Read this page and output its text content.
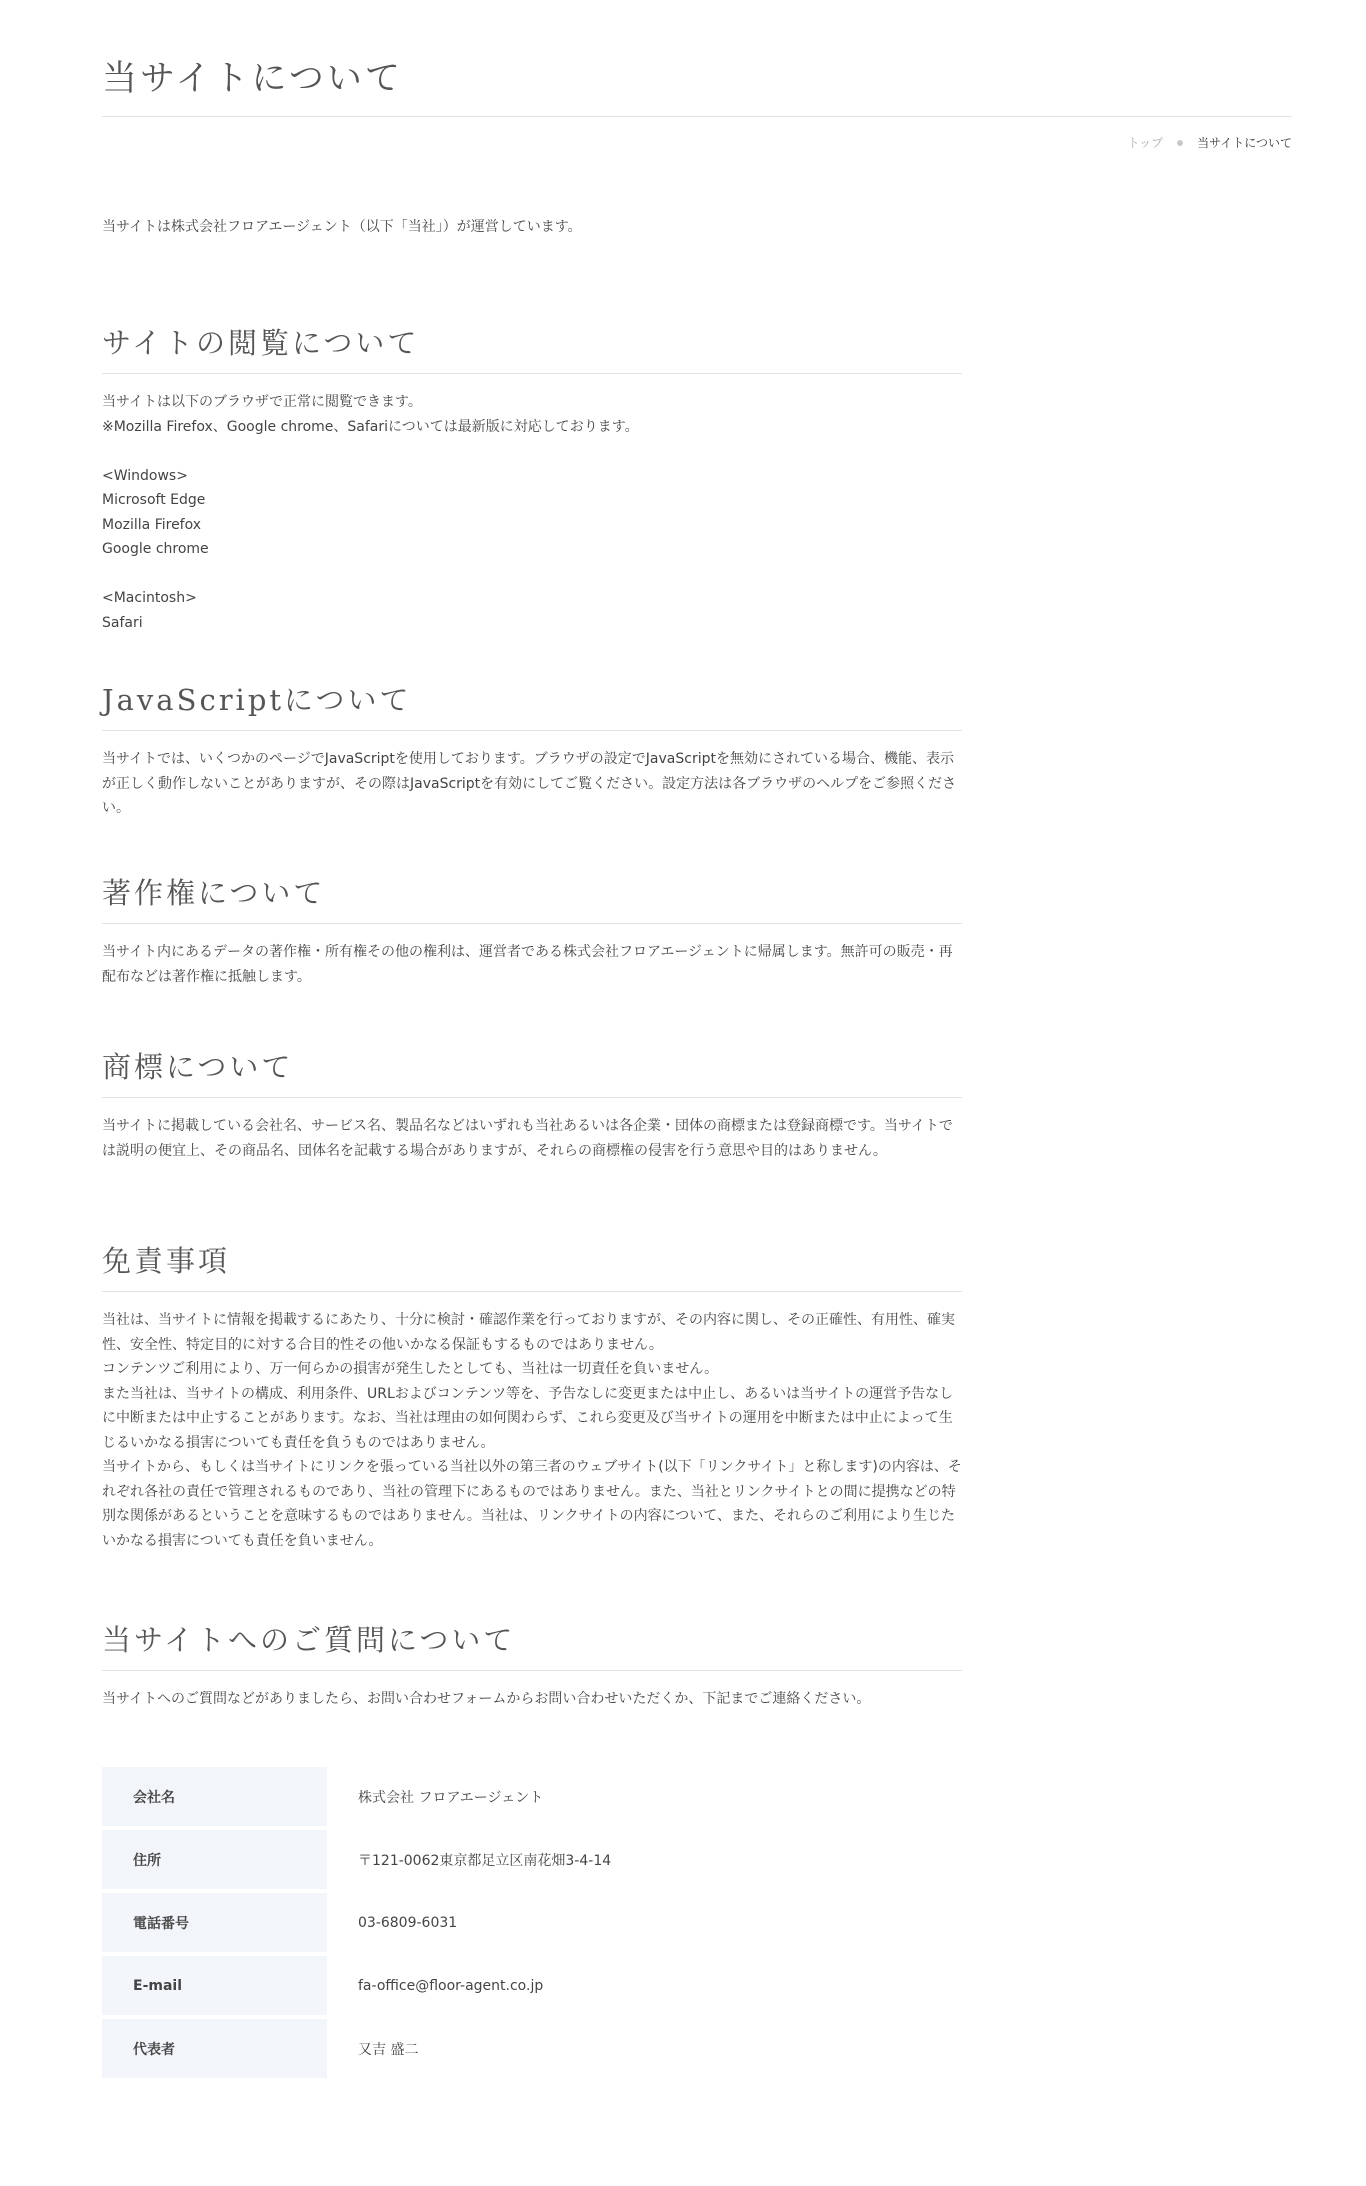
当サイトについて
トップ	当サイトについて

当サイトは株式会社フロアエージェント（以下「当社」）が運営しています。

サイトの閲覧について

当サイトは以下のブラウザで正常に閲覧できます。

※Mozilla Firefox、Google chrome、Safariについては最新版に対応しております。

<Windows>

Microsoft Edge
Mozilla Firefox
Google chrome

<Macintosh>

Safari
JavaScriptについて

当サイトでは、いくつかのページでJavaScriptを使用しております。ブラウザの設定でJavaScriptを無効にされている場合、機能、表示が正しく動作しないことがありますが、その際はJavaScriptを有効にしてご覧ください。設定方法は各ブラウザのヘルプをご参照ください。

著作権について

当サイト内にあるデータの著作権・所有権その他の権利は、運営者である株式会社フロアエージェントに帰属します。無許可の販売・再配布などは著作権に抵触します。

商標について

当サイトに掲載している会社名、サービス名、製品名などはいずれも当社あるいは各企業・団体の商標または登録商標です。当サイトでは説明の便宜上、その商品名、団体名を記載する場合がありますが、それらの商標権の侵害を行う意思や目的はありません。

免責事項

当社は、当サイトに情報を掲載するにあたり、十分に検討・確認作業を行っておりますが、その内容に関し、その正確性、有用性、確実性、安全性、特定目的に対する合目的性その他いかなる保証もするものではありません。

コンテンツご利用により、万一何らかの損害が発生したとしても、当社は一切責任を負いません。

また当社は、当サイトの構成、利用条件、URLおよびコンテンツ等を、予告なしに変更または中止し、あるいは当サイトの運営予告なしに中断または中止することがあります。なお、当社は理由の如何関わらず、これら変更及び当サイトの運用を中断または中止によって生じるいかなる損害についても責任を負うものではありません。

当サイトから、もしくは当サイトにリンクを張っている当社以外の第三者のウェブサイト(以下「リンクサイト」と称します)の内容は、それぞれ各社の責任で管理されるものであり、当社の管理下にあるものではありません。また、当社とリンクサイトとの間に提携などの特別な関係があるということを意味するものではありません。当社は、リンクサイトの内容について、また、それらのご利用により生じたいかなる損害についても責任を負いません。

当サイトへのご質問について

当サイトへのご質問などがありましたら、お問い合わせフォームからお問い合わせいただくか、下記までご連絡ください。

会社名	株式会社 フロアエージェント
住所	〒121-0062東京都足立区南花畑3-4-14
電話番号	03-6809-6031
E-mail	fa-office@floor-agent.co.jp
代表者	又吉 盛二
